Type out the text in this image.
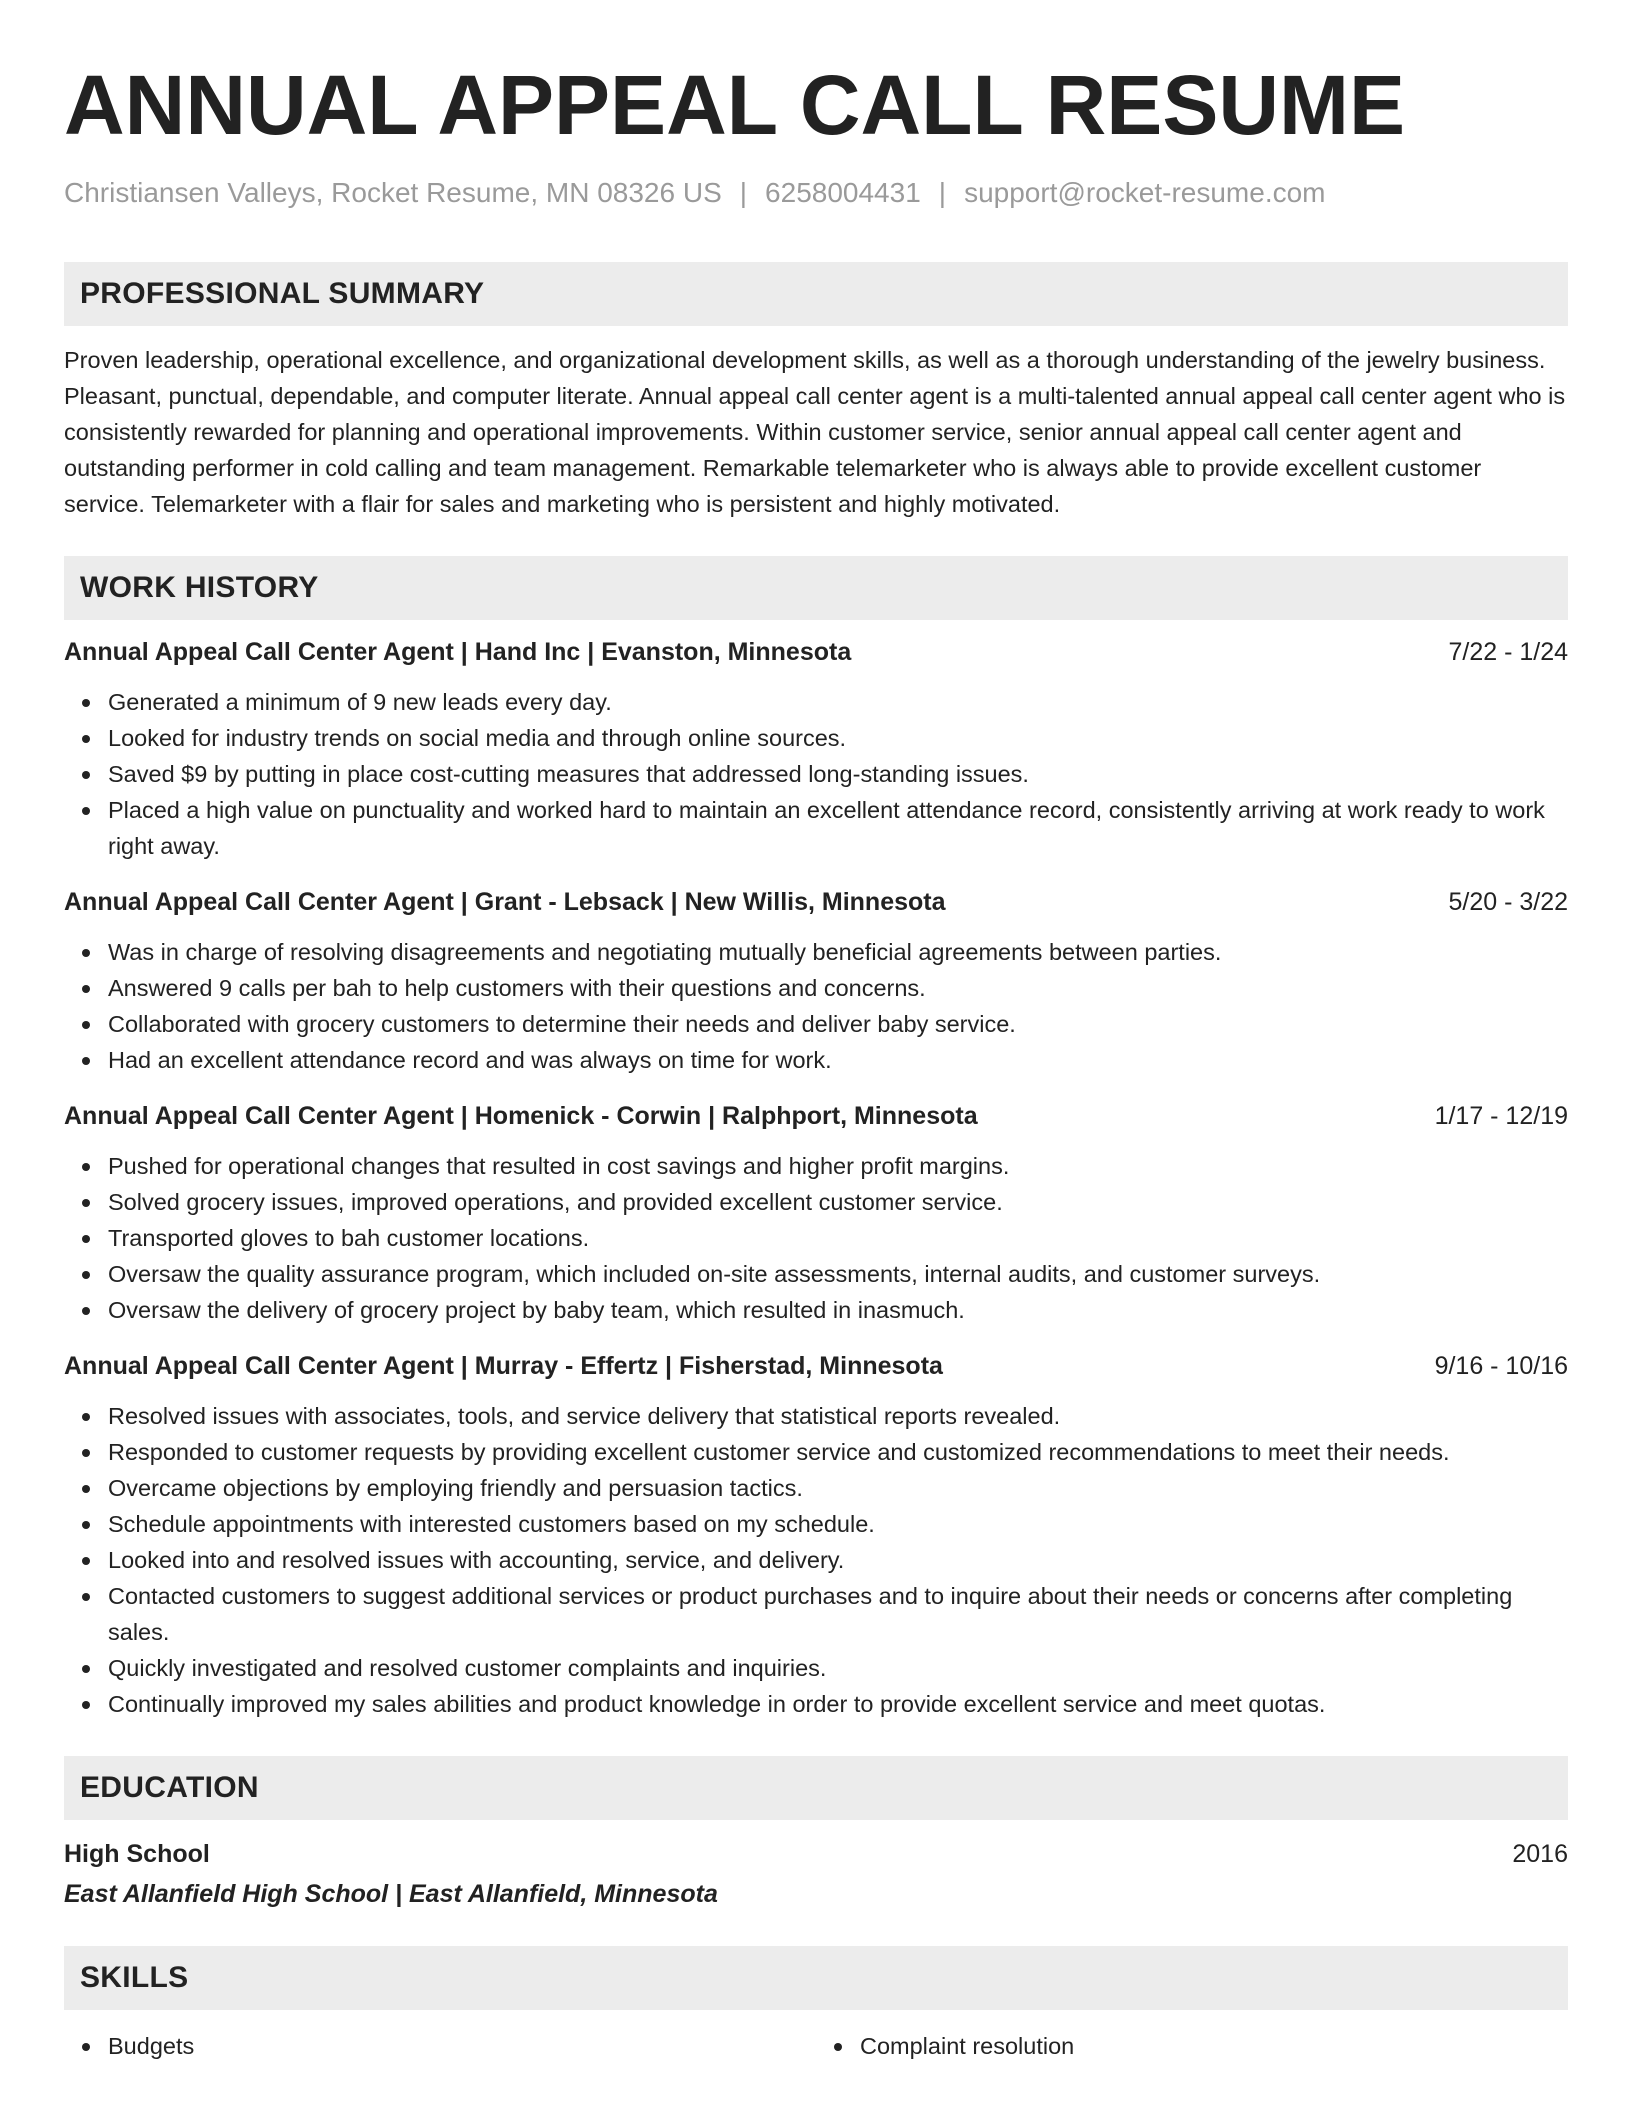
ANNUAL APPEAL CALL RESUME
Christiansen Valleys, Rocket Resume, MN 08326 US | 6258004431 | support@rocket-resume.com
PROFESSIONAL SUMMARY

Proven leadership, operational excellence, and organizational development skills, as well as a thorough understanding of the jewelry business. Pleasant, punctual, dependable, and computer literate. Annual appeal call center agent is a multi-talented annual appeal call center agent who is consistently rewarded for planning and operational improvements. Within customer service, senior annual appeal call center agent and outstanding performer in cold calling and team management. Remarkable telemarketer who is always able to provide excellent customer service. Telemarketer with a flair for sales and marketing who is persistent and highly motivated.

WORK HISTORY
Annual Appeal Call Center Agent | Hand Inc | Evanston, Minnesota	7/22 - 1/24
Generated a minimum of 9 new leads every day.
Looked for industry trends on social media and through online sources.
Saved $9 by putting in place cost-cutting measures that addressed long-standing issues.
Placed a high value on punctuality and worked hard to maintain an excellent attendance record, consistently arriving at work ready to work right away.
Annual Appeal Call Center Agent | Grant - Lebsack | New Willis, Minnesota	5/20 - 3/22
Was in charge of resolving disagreements and negotiating mutually beneficial agreements between parties.
Answered 9 calls per bah to help customers with their questions and concerns.
Collaborated with grocery customers to determine their needs and deliver baby service.
Had an excellent attendance record and was always on time for work.
Annual Appeal Call Center Agent | Homenick - Corwin | Ralphport, Minnesota	1/17 - 12/19
Pushed for operational changes that resulted in cost savings and higher profit margins.
Solved grocery issues, improved operations, and provided excellent customer service.
Transported gloves to bah customer locations.
Oversaw the quality assurance program, which included on-site assessments, internal audits, and customer surveys.
Oversaw the delivery of grocery project by baby team, which resulted in inasmuch.
Annual Appeal Call Center Agent | Murray - Effertz | Fisherstad, Minnesota	9/16 - 10/16
Resolved issues with associates, tools, and service delivery that statistical reports revealed.
Responded to customer requests by providing excellent customer service and customized recommendations to meet their needs.
Overcame objections by employing friendly and persuasion tactics.
Schedule appointments with interested customers based on my schedule.
Looked into and resolved issues with accounting, service, and delivery.
Contacted customers to suggest additional services or product purchases and to inquire about their needs or concerns after completing sales.
Quickly investigated and resolved customer complaints and inquiries.
Continually improved my sales abilities and product knowledge in order to provide excellent service and meet quotas.
EDUCATION
High School	2016
East Allanfield High School | East Allanfield, Minnesota
SKILLS
Budgets	Complaint resolution
